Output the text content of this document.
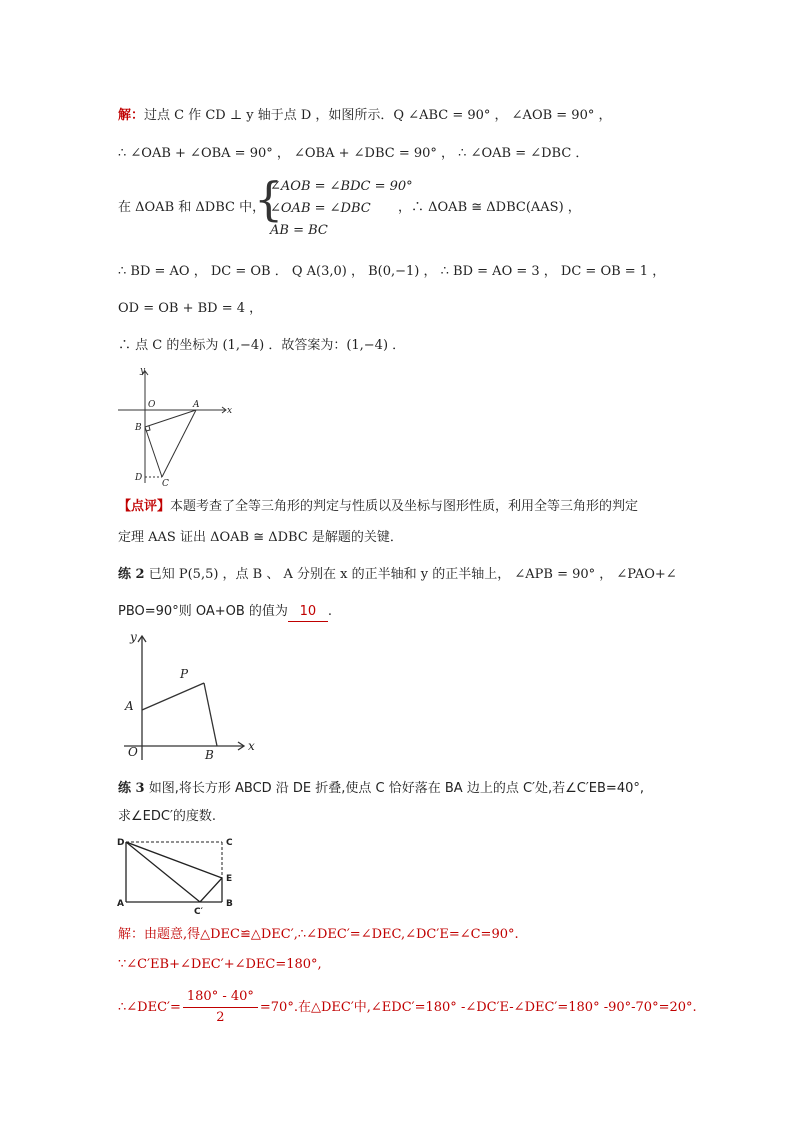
解：过点 C 作 CD ⊥ y 轴于点 D ，如图所示．Q ∠ABC = 90° ， ∠AOB = 90° ，
∴ ∠OAB + ∠OBA = 90° ， ∠OBA + ∠DBC = 90° ， ∴ ∠OAB = ∠DBC ．
在 ΔOAB 和 ΔDBC 中，
{
∠AOB = ∠BDC = 90°
∠OAB = ∠DBC
AB = BC
，∴ ΔOAB ≅ ΔDBC(AAS) ，
∴ BD = AO ， DC = OB ． Q A(3,0) ， B(0,−1) ， ∴ BD = AO = 3 ， DC = OB = 1 ，
OD = OB + BD = 4 ，
∴ 点 C 的坐标为 (1,−4) ．故答案为：(1,−4) ．
y
x
O	A
B
D
C
【点评】本题考查了全等三角形的判定与性质以及坐标与图形性质，利用全等三角形的判定
定理 AAS 证出 ΔOAB ≅ ΔDBC 是解题的关键．
练 2 已知 P(5,5) ，点 B 、 A 分别在 x 的正半轴和 y 的正半轴上， ∠APB = 90° ， ∠PAO+∠
PBO=90°则 OA+OB 的值为 10 .
y
x
O
A
P
B
练 3 如图,将长方形 ABCD 沿 DE 折叠,使点 C 恰好落在 BA 边上的点 C′处,若∠C′EB=40°,
求∠EDC′的度数.
D	C
E
A
C′
B
解：由题意,得△DEC≌△DEC′,∴∠DEC′=∠DEC,∠DC′E=∠C=90°.
∵∠C′EB+∠DEC′+∠DEC=180°,
∴∠DEC′= $\frac{180^\circ - 40^\circ}{2} =70^\circ$.在△DEC′中,∠EDC′=180° -∠DC′E-∠DEC′=180° -90°-70°=20°.
